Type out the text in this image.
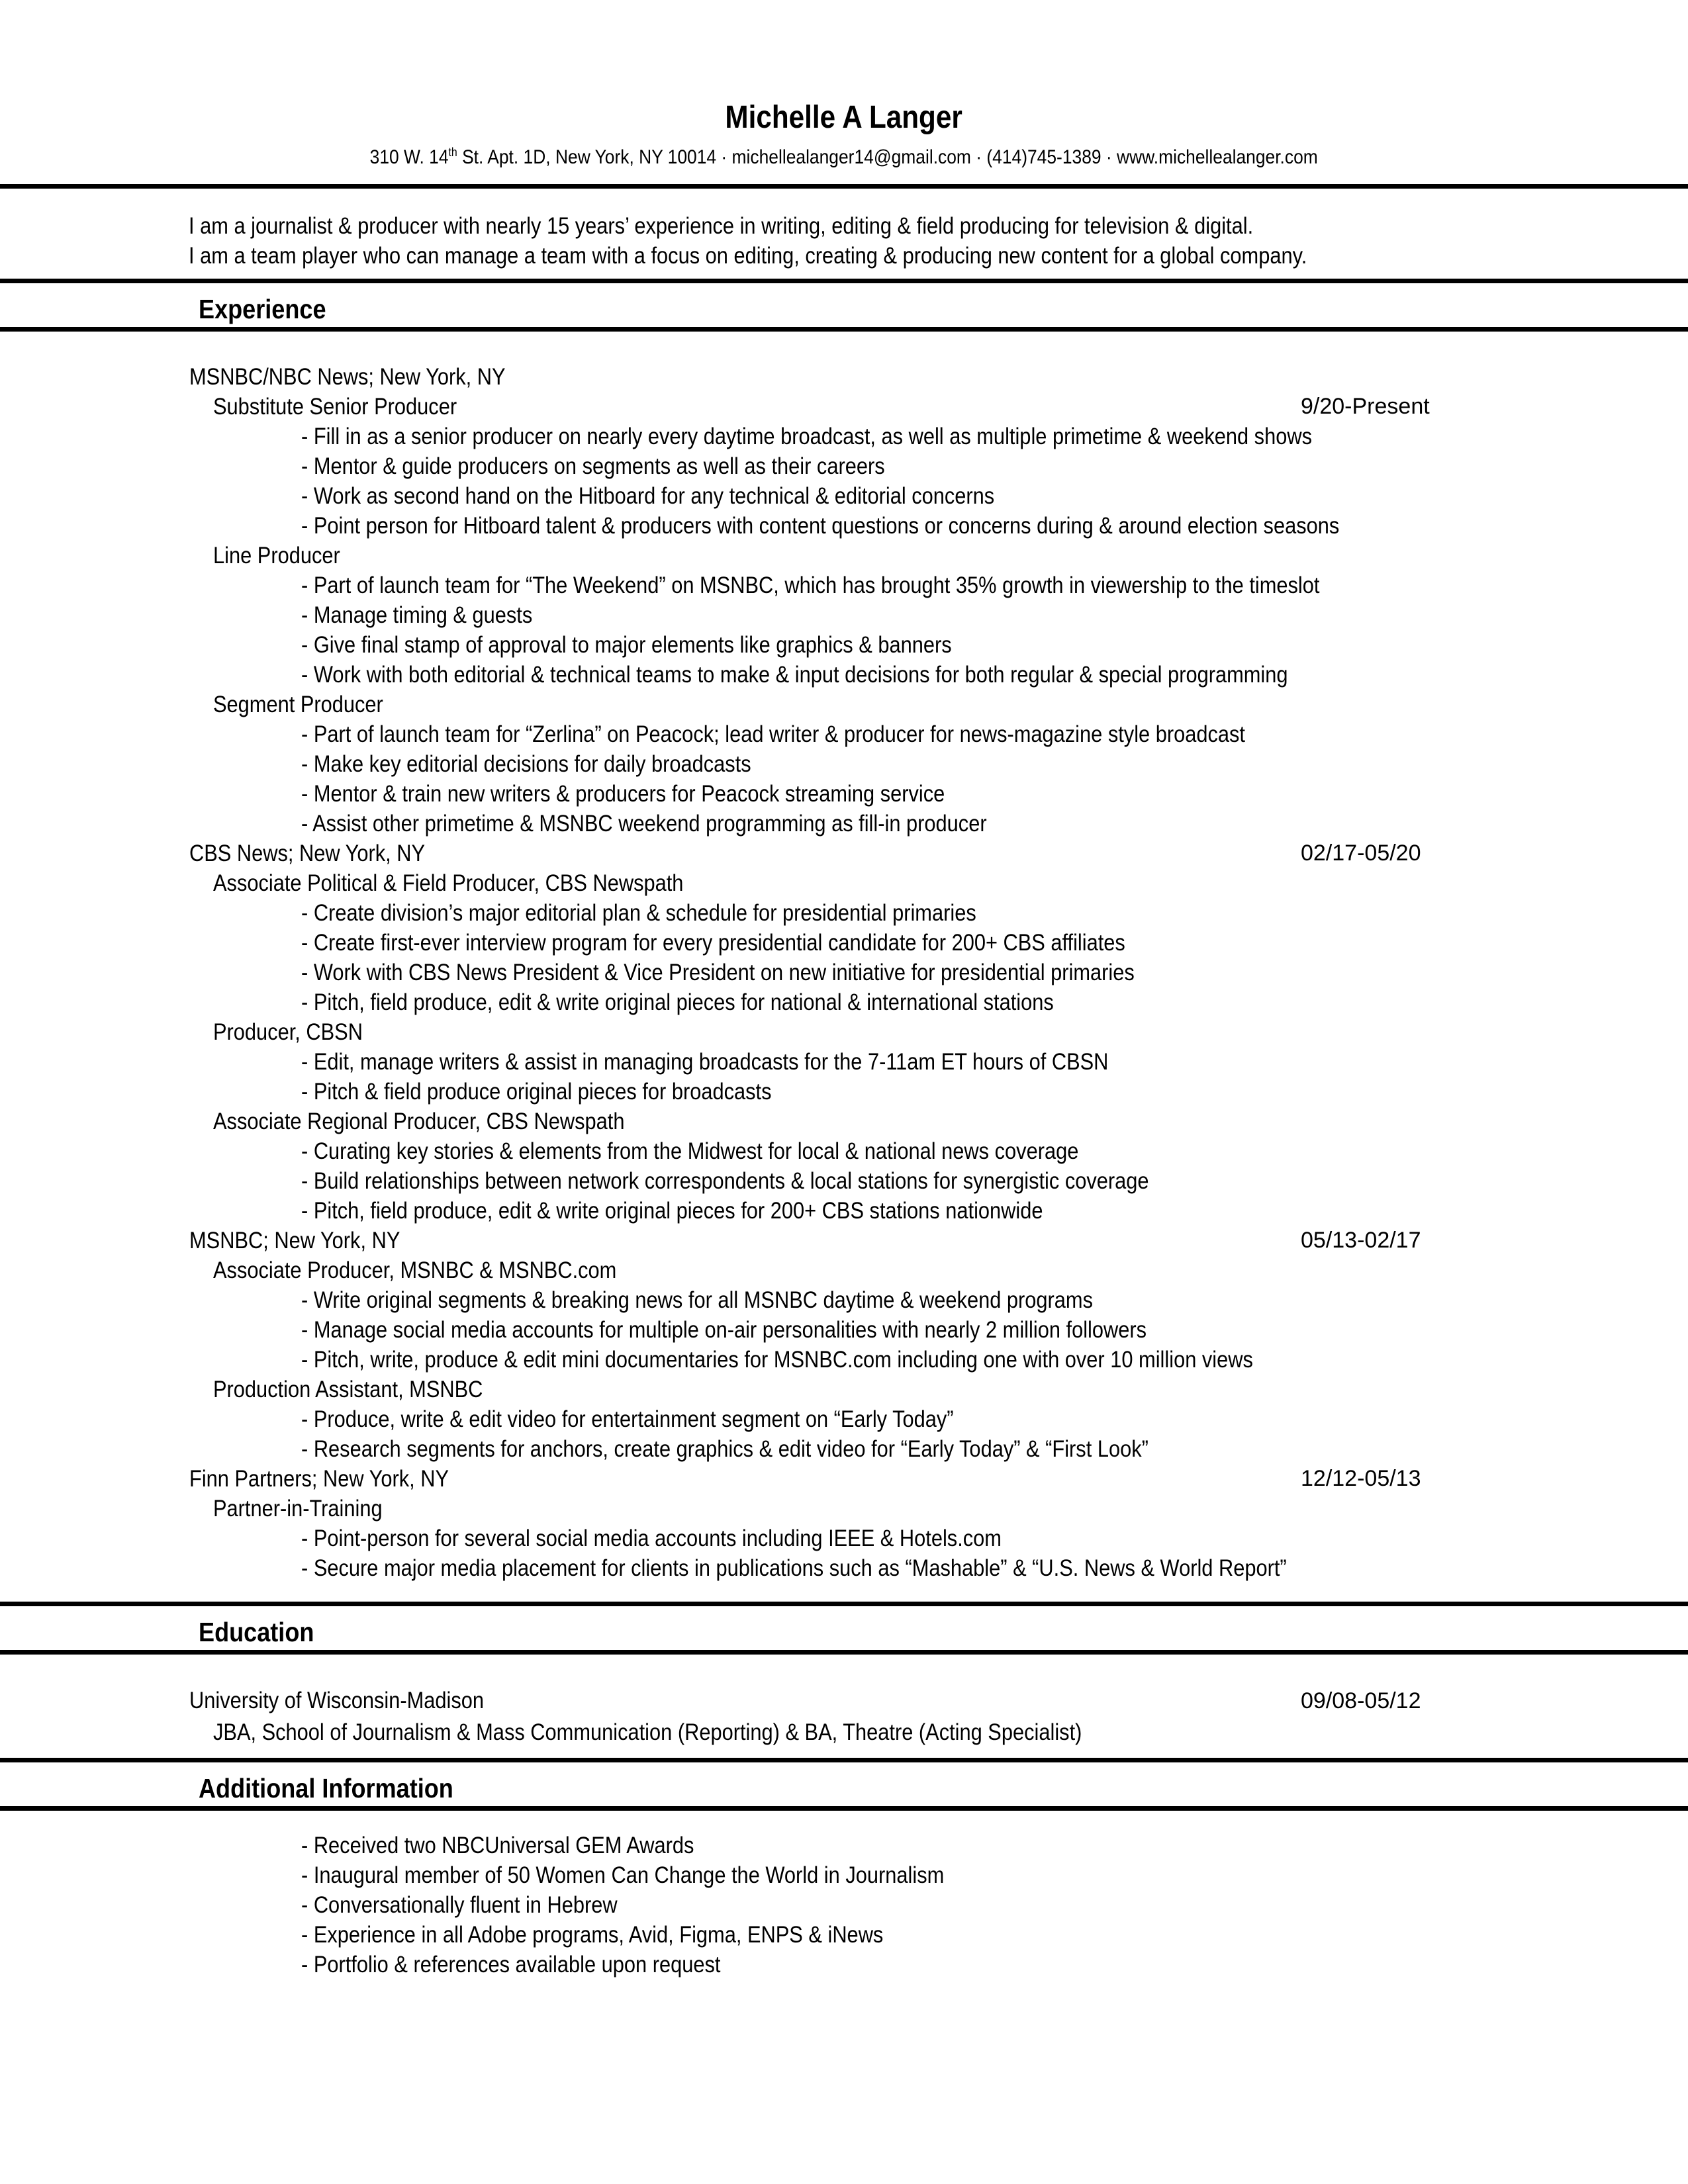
Michelle A Langer
310 W. 14th St. Apt. 1D, New York, NY 10014 · michellealanger14@gmail.com · (414)745-1389 · www.michellealanger.com
I am a journalist & producer with nearly 15 years’ experience in writing, editing & field producing for television & digital.
I am a team player who can manage a team with a focus on editing, creating & producing new content for a global company.
Experience
MSNBC/NBC News; New York, NY
Substitute Senior Producer	9/20-Present
- Fill in as a senior producer on nearly every daytime broadcast, as well as multiple primetime & weekend shows
- Mentor & guide producers on segments as well as their careers
- Work as second hand on the Hitboard for any technical & editorial concerns
- Point person for Hitboard talent & producers with content questions or concerns during & around election seasons
Line Producer
- Part of launch team for “The Weekend” on MSNBC, which has brought 35% growth in viewership to the timeslot
- Manage timing & guests
- Give final stamp of approval to major elements like graphics & banners
- Work with both editorial & technical teams to make & input decisions for both regular & special programming
Segment Producer
- Part of launch team for “Zerlina” on Peacock; lead writer & producer for news-magazine style broadcast
- Make key editorial decisions for daily broadcasts
- Mentor & train new writers & producers for Peacock streaming service
- Assist other primetime & MSNBC weekend programming as fill-in producer
CBS News; New York, NY	02/17-05/20
Associate Political & Field Producer, CBS Newspath
- Create division’s major editorial plan & schedule for presidential primaries
- Create first-ever interview program for every presidential candidate for 200+ CBS affiliates
- Work with CBS News President & Vice President on new initiative for presidential primaries
- Pitch, field produce, edit & write original pieces for national & international stations
Producer, CBSN
- Edit, manage writers & assist in managing broadcasts for the 7-11am ET hours of CBSN
- Pitch & field produce original pieces for broadcasts
Associate Regional Producer, CBS Newspath
- Curating key stories & elements from the Midwest for local & national news coverage
- Build relationships between network correspondents & local stations for synergistic coverage
- Pitch, field produce, edit & write original pieces for 200+ CBS stations nationwide
MSNBC; New York, NY	05/13-02/17
Associate Producer, MSNBC & MSNBC.com
- Write original segments & breaking news for all MSNBC daytime & weekend programs
- Manage social media accounts for multiple on-air personalities with nearly 2 million followers
- Pitch, write, produce & edit mini documentaries for MSNBC.com including one with over 10 million views
Production Assistant, MSNBC
- Produce, write & edit video for entertainment segment on “Early Today”
- Research segments for anchors, create graphics & edit video for “Early Today” & “First Look”
Finn Partners; New York, NY	12/12-05/13
Partner-in-Training
- Point-person for several social media accounts including IEEE & Hotels.com
- Secure major media placement for clients in publications such as “Mashable” & “U.S. News & World Report”
Education
University of Wisconsin-Madison	09/08-05/12
JBA, School of Journalism & Mass Communication (Reporting) & BA, Theatre (Acting Specialist)
Additional Information
- Received two NBCUniversal GEM Awards
- Inaugural member of 50 Women Can Change the World in Journalism
- Conversationally fluent in Hebrew
- Experience in all Adobe programs, Avid, Figma, ENPS & iNews
- Portfolio & references available upon request
